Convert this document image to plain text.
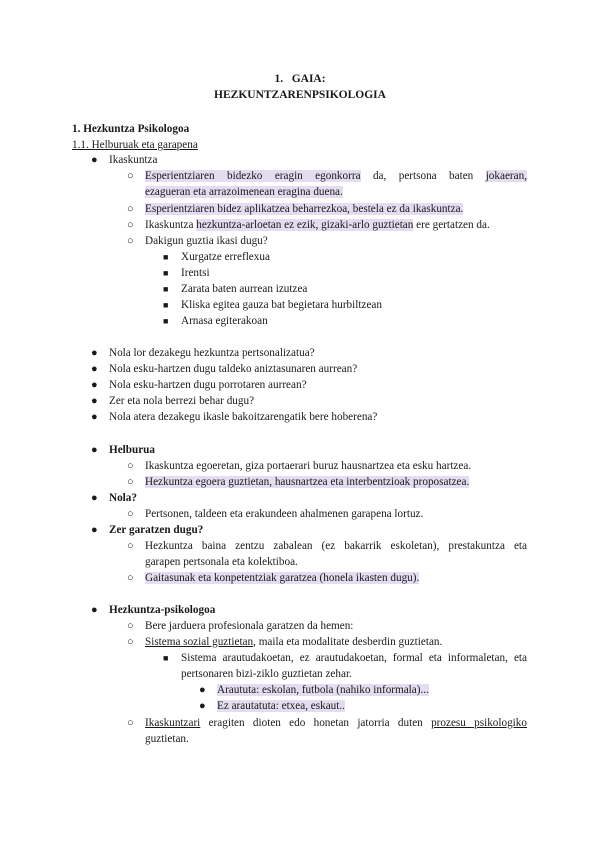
1. GAIA:
HEZKUNTZARENPSIKOLOGIA
1. Hezkuntza Psikologoa
1.1. Helburuak eta garapena
● Ikaskuntza
○ Esperientziaren bidezko eragin egonkorra da, pertsona baten jokaeran,
ezagueran eta arrazoimenean eragina duena.
○ Esperientziaren bidez aplikatzea beharrezkoa, bestela ez da ikaskuntza.
○ Ikaskuntza hezkuntza-arloetan ez ezik, gizaki-arlo guztietan ere gertatzen da.
○ Dakigun guztia ikasi dugu?
■ Xurgatze erreflexua
■ Irentsi
■ Zarata baten aurrean izutzea
■ Kliska egitea gauza bat begietara hurbiltzean
■ Arnasa egiterakoan
● Nola lor dezakegu hezkuntza pertsonalizatua?
● Nola esku-hartzen dugu taldeko aniztasunaren aurrean?
● Nola esku-hartzen dugu porrotaren aurrean?
● Zer eta nola berrezi behar dugu?
● Nola atera dezakegu ikasle bakoitzarengatik bere hoberena?
● Helburua
○ Ikaskuntza egoeretan, giza portaerari buruz hausnartzea eta esku hartzea.
○ Hezkuntza egoera guztietan, hausnartzea eta interbentzioak proposatzea.
● Nola?
○ Pertsonen, taldeen eta erakundeen ahalmenen garapena lortuz.
● Zer garatzen dugu?
○ Hezkuntza baina zentzu zabalean (ez bakarrik eskoletan), prestakuntza eta
garapen pertsonala eta kolektiboa.
○ Gaitasunak eta konpetentziak garatzea (honela ikasten dugu).
● Hezkuntza-psikologoa
○ Bere jarduera profesionala garatzen da hemen:
○ Sistema sozial guztietan, maila eta modalitate desberdin guztietan.
■ Sistema arautudakoetan, ez arautudakoetan, formal eta informaletan, eta
pertsonaren bizi-ziklo guztietan zehar.
● Araututa: eskolan, futbola (nahiko informala)...
● Ez arautatuta: etxea, eskaut..
○ Ikaskuntzari eragiten dioten edo honetan jatorria duten prozesu psikologiko
guztietan.
